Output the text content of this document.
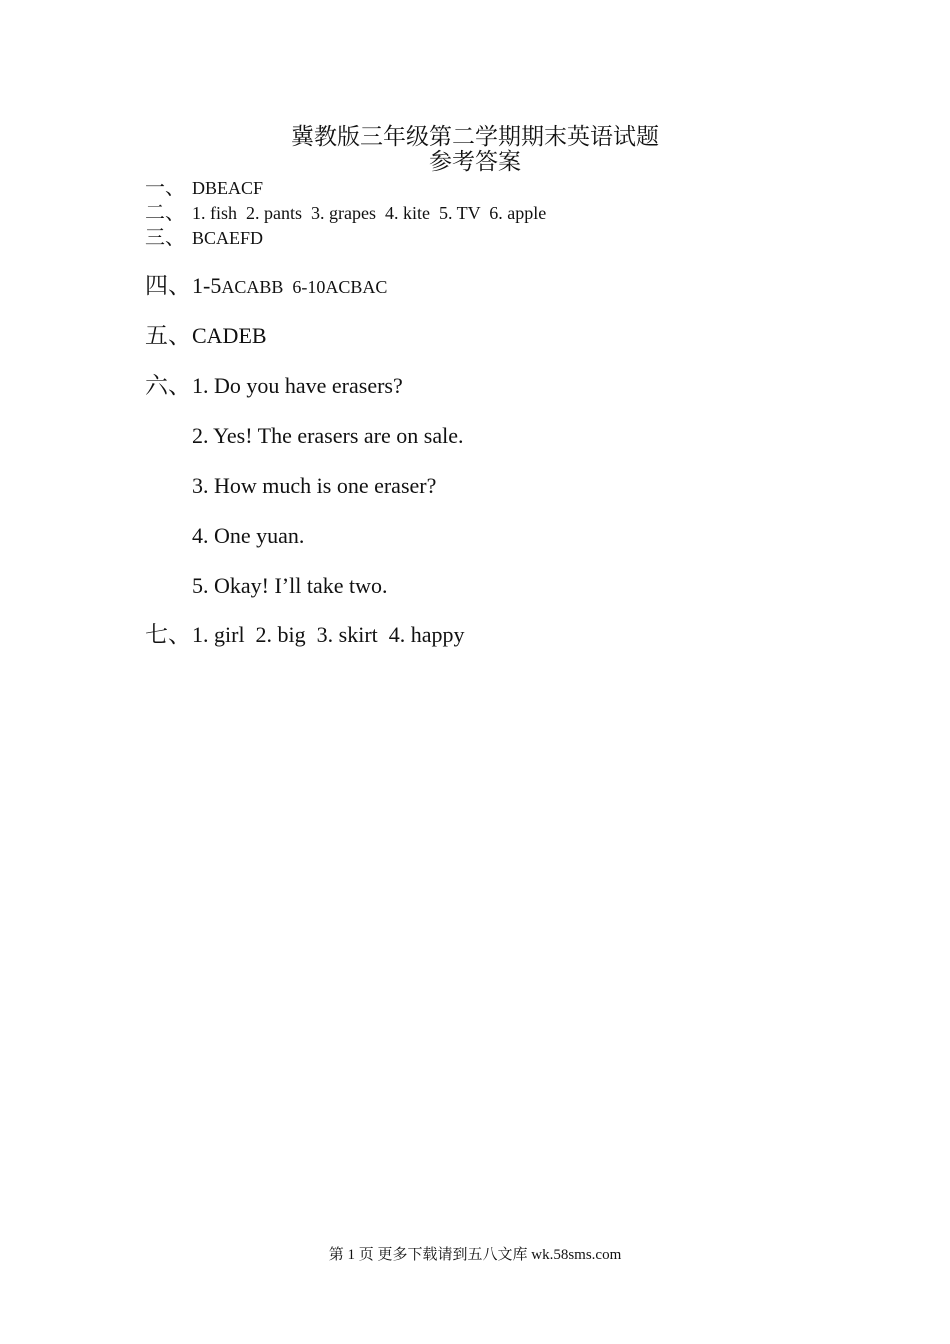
冀教版三年级第二学期期末英语试题
参考答案
一、 DBEACF
二、 1. fish  2. pants  3. grapes  4. kite  5. TV  6. apple
三、 BCAEFD
四、1-5ACABB  6-10ACBAC
五、CADEB
六、1. Do you have erasers?
2. Yes! The erasers are on sale.
3. How much is one eraser?
4. One yuan.
5. Okay! I’ll take two.
七、1. girl  2. big  3. skirt  4. happy
第 1 页 更多下载请到五八文库 wk.58sms.com
